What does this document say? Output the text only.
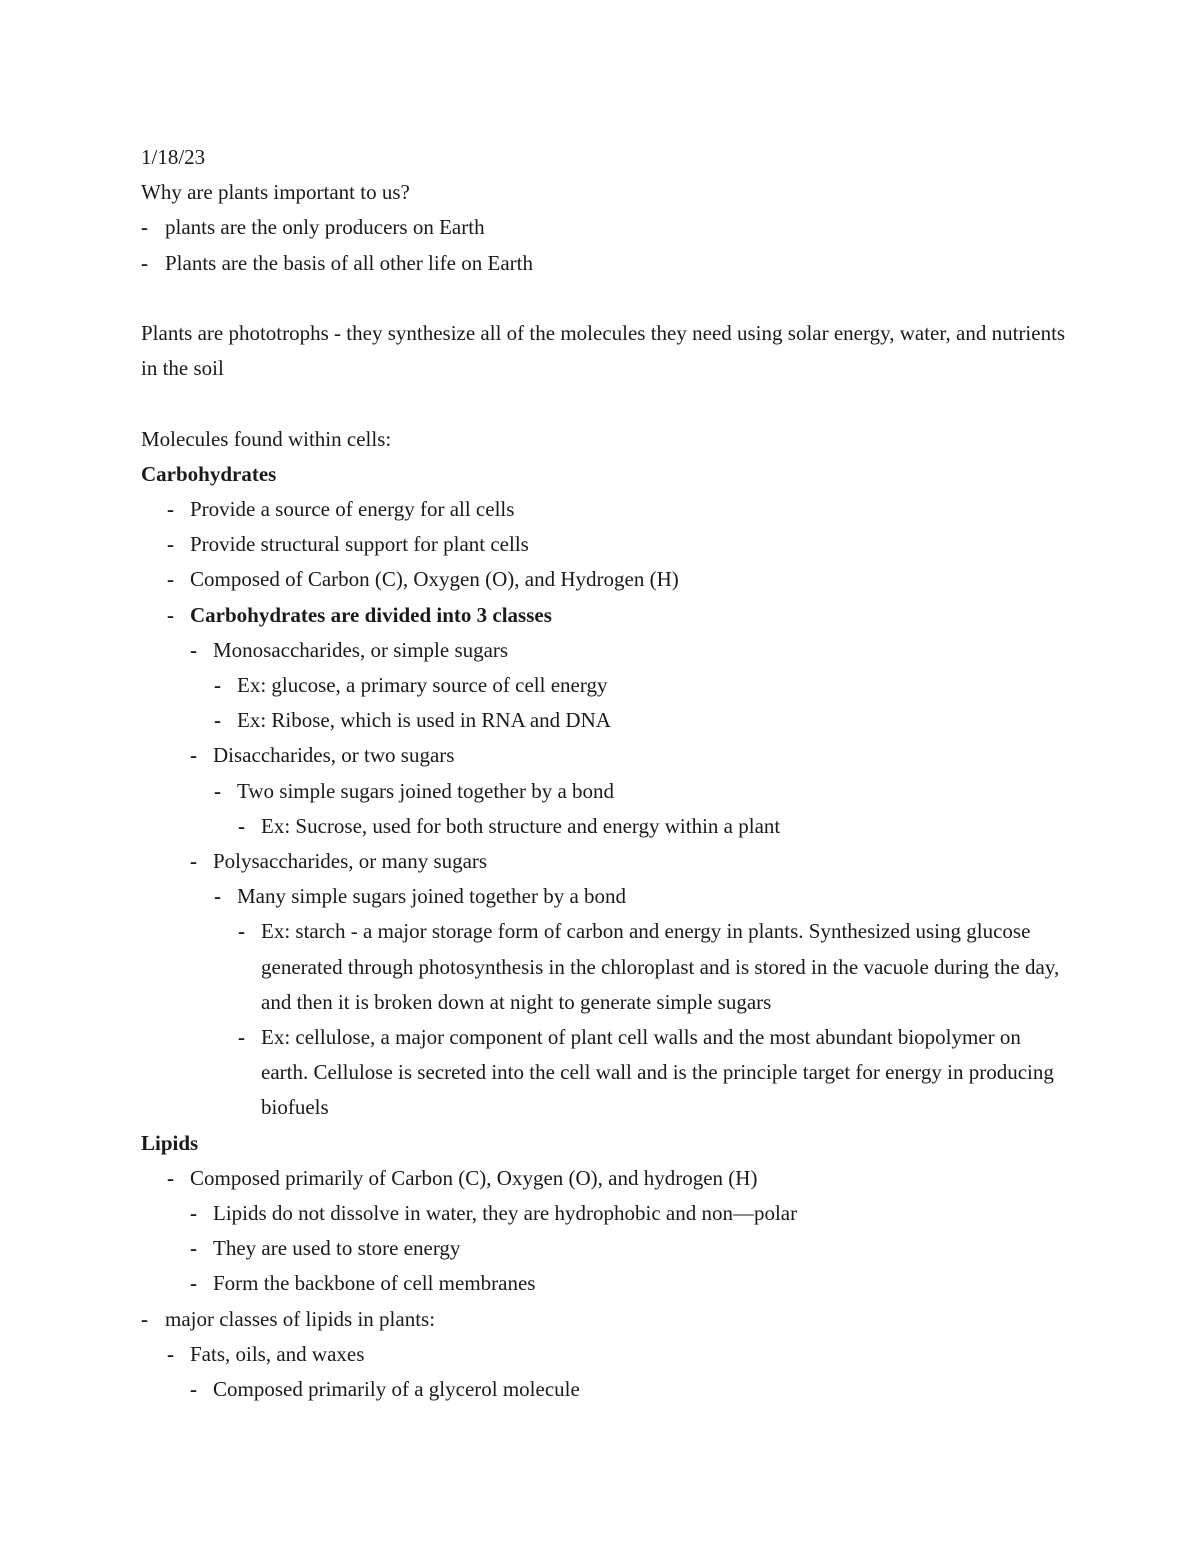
1/18/23

Why are plants important to us?

- plants are the only producers on Earth
- Plants are the basis of all other life on Earth

Plants are phototrophs - they synthesize all of the molecules they need using solar energy, water, and nutrients in the soil

Molecules found within cells:

Carbohydrates

- Provide a source of energy for all cells
- Provide structural support for plant cells
- Composed of Carbon (C), Oxygen (O), and Hydrogen (H)
- Carbohydrates are divided into 3 classes
- Monosaccharides, or simple sugars
- Ex: glucose, a primary source of cell energy
- Ex: Ribose, which is used in RNA and DNA
- Disaccharides, or two sugars
- Two simple sugars joined together by a bond
- Ex: Sucrose, used for both structure and energy within a plant
- Polysaccharides, or many sugars
- Many simple sugars joined together by a bond
- Ex: starch - a major storage form of carbon and energy in plants. Synthesized using glucose generated through photosynthesis in the chloroplast and is stored in the vacuole during the day, and then it is broken down at night to generate simple sugars
- Ex: cellulose, a major component of plant cell walls and the most abundant biopolymer on earth. Cellulose is secreted into the cell wall and is the principle target for energy in producing biofuels

Lipids

- Composed primarily of Carbon (C), Oxygen (O), and hydrogen (H)
- Lipids do not dissolve in water, they are hydrophobic and non—polar
- They are used to store energy
- Form the backbone of cell membranes
- major classes of lipids in plants:
- Fats, oils, and waxes
- Composed primarily of a glycerol molecule
